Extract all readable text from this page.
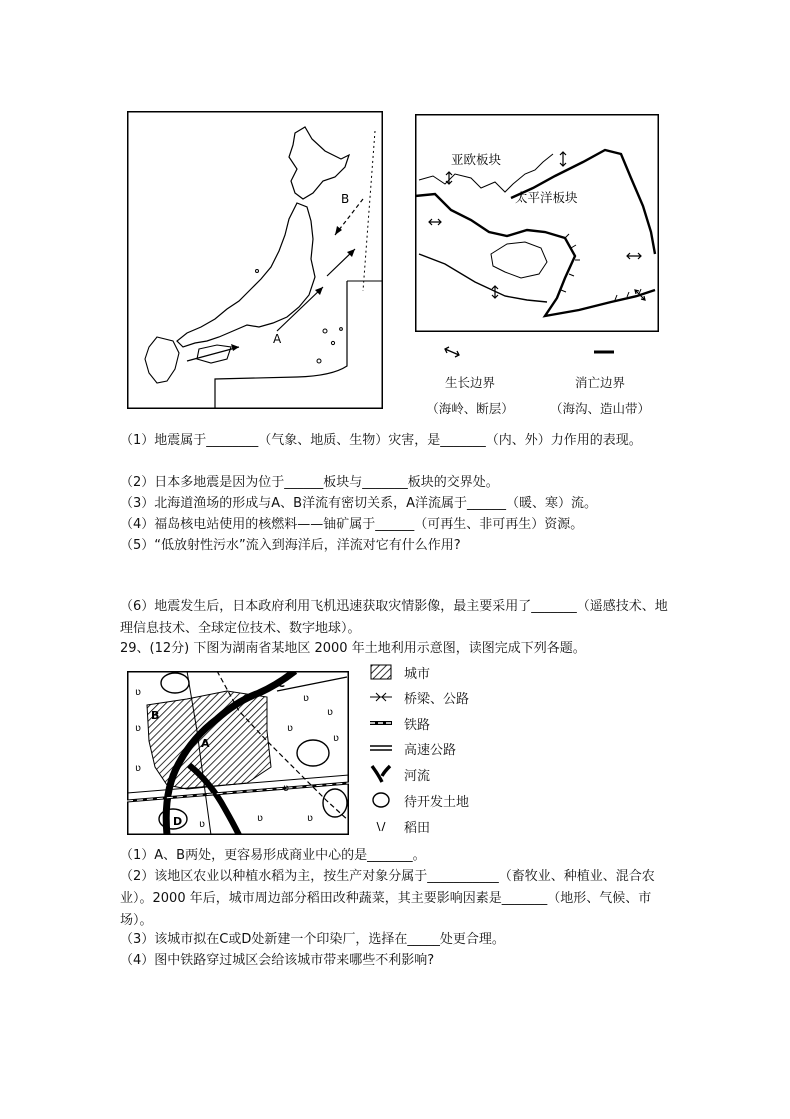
A
B
亚欧板块
太平洋板块
生长边界
（海岭、断层）
消亡边界
（海沟、造山带）
（1）地震属于________（气象、地质、生物）灾害，是_______（内、外）力作用的表现。
（2）日本多地震是因为位于______板块与_______板块的交界处。
（3）北海道渔场的形成与A、B洋流有密切关系，A洋流属于______（暖、寒）流。
（4）福岛核电站使用的核燃料——铀矿属于______（可再生、非可再生）资源。
（5）“低放射性污水”流入到海洋后，洋流对它有什么作用?
（6）地震发生后，日本政府利用飞机迅速获取灾情影像，最主要采用了_______（遥感技术、地理信息技术、全球定位技术、数字地球）。
29、(12分) 下图为湖南省某地区 2000 年土地利用示意图，读图完成下列各题。
ʋ
ʋ
ʋ
ʋ
ʋ
ʋ
ʋ
ʋ
ʋ
ʋ
ʋ
B
A
C
D
城市
桥梁、公路
铁路
高速公路
河流
待开发土地
稻田
（1）A、B两处，更容易形成商业中心的是_______。
（2）该地区农业以种植水稻为主，按生产对象分属于___________（畜牧业、种植业、混合农业）。2000 年后，城市周边部分稻田改种蔬菜，其主要影响因素是_______（地形、气候、市场）。
（3）该城市拟在C或D处新建一个印染厂，选择在_____处更合理。
（4）图中铁路穿过城区会给该城市带来哪些不利影响?
